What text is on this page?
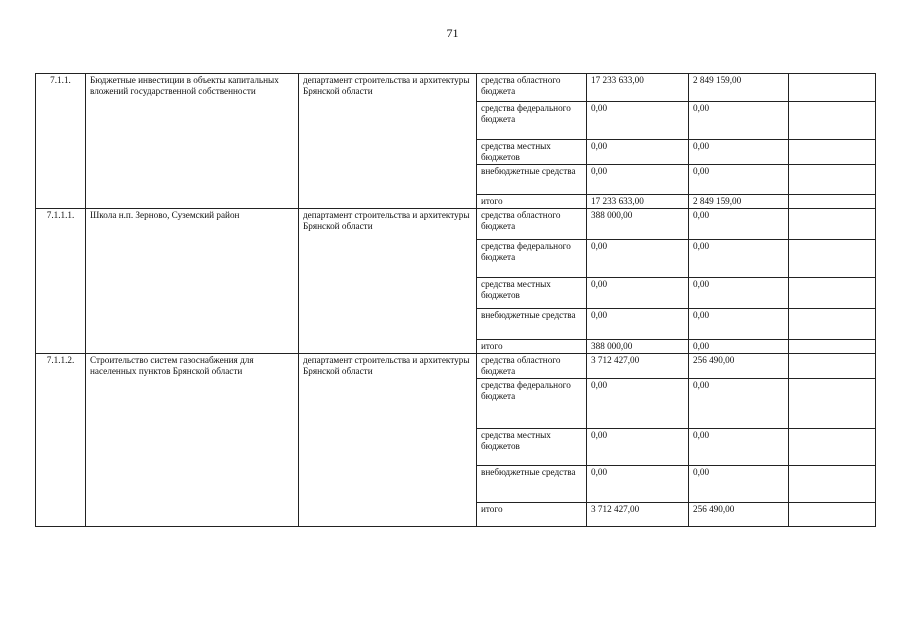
71
7.1.1.	Бюджетные инвестиции в объекты капитальных вложений государственной собственности	департамент строительства и архитектуры Брянской области	средства областного бюджета	17 233 633,00	2 849 159,00	
			средства федерального бюджета	0,00	0,00	
			средства местных бюджетов	0,00	0,00	
			внебюджетные средства	0,00	0,00	
			итого	17 233 633,00	2 849 159,00	
7.1.1.1.	Школа н.п. Зерново, Суземский район	департамент строительства и архитектуры Брянской области	средства областного бюджета	388 000,00	0,00	
			средства федерального бюджета	0,00	0,00	
			средства местных бюджетов	0,00	0,00	
			внебюджетные средства	0,00	0,00	
			итого	388 000,00	0,00	
7.1.1.2.	Строительство систем газоснабжения для населенных пунктов Брянской области	департамент строительства и архитектуры Брянской области	средства областного бюджета	3 712 427,00	256 490,00	
			средства федерального бюджета	0,00	0,00	
			средства местных бюджетов	0,00	0,00	
			внебюджетные средства	0,00	0,00	
			итого	3 712 427,00	256 490,00	
